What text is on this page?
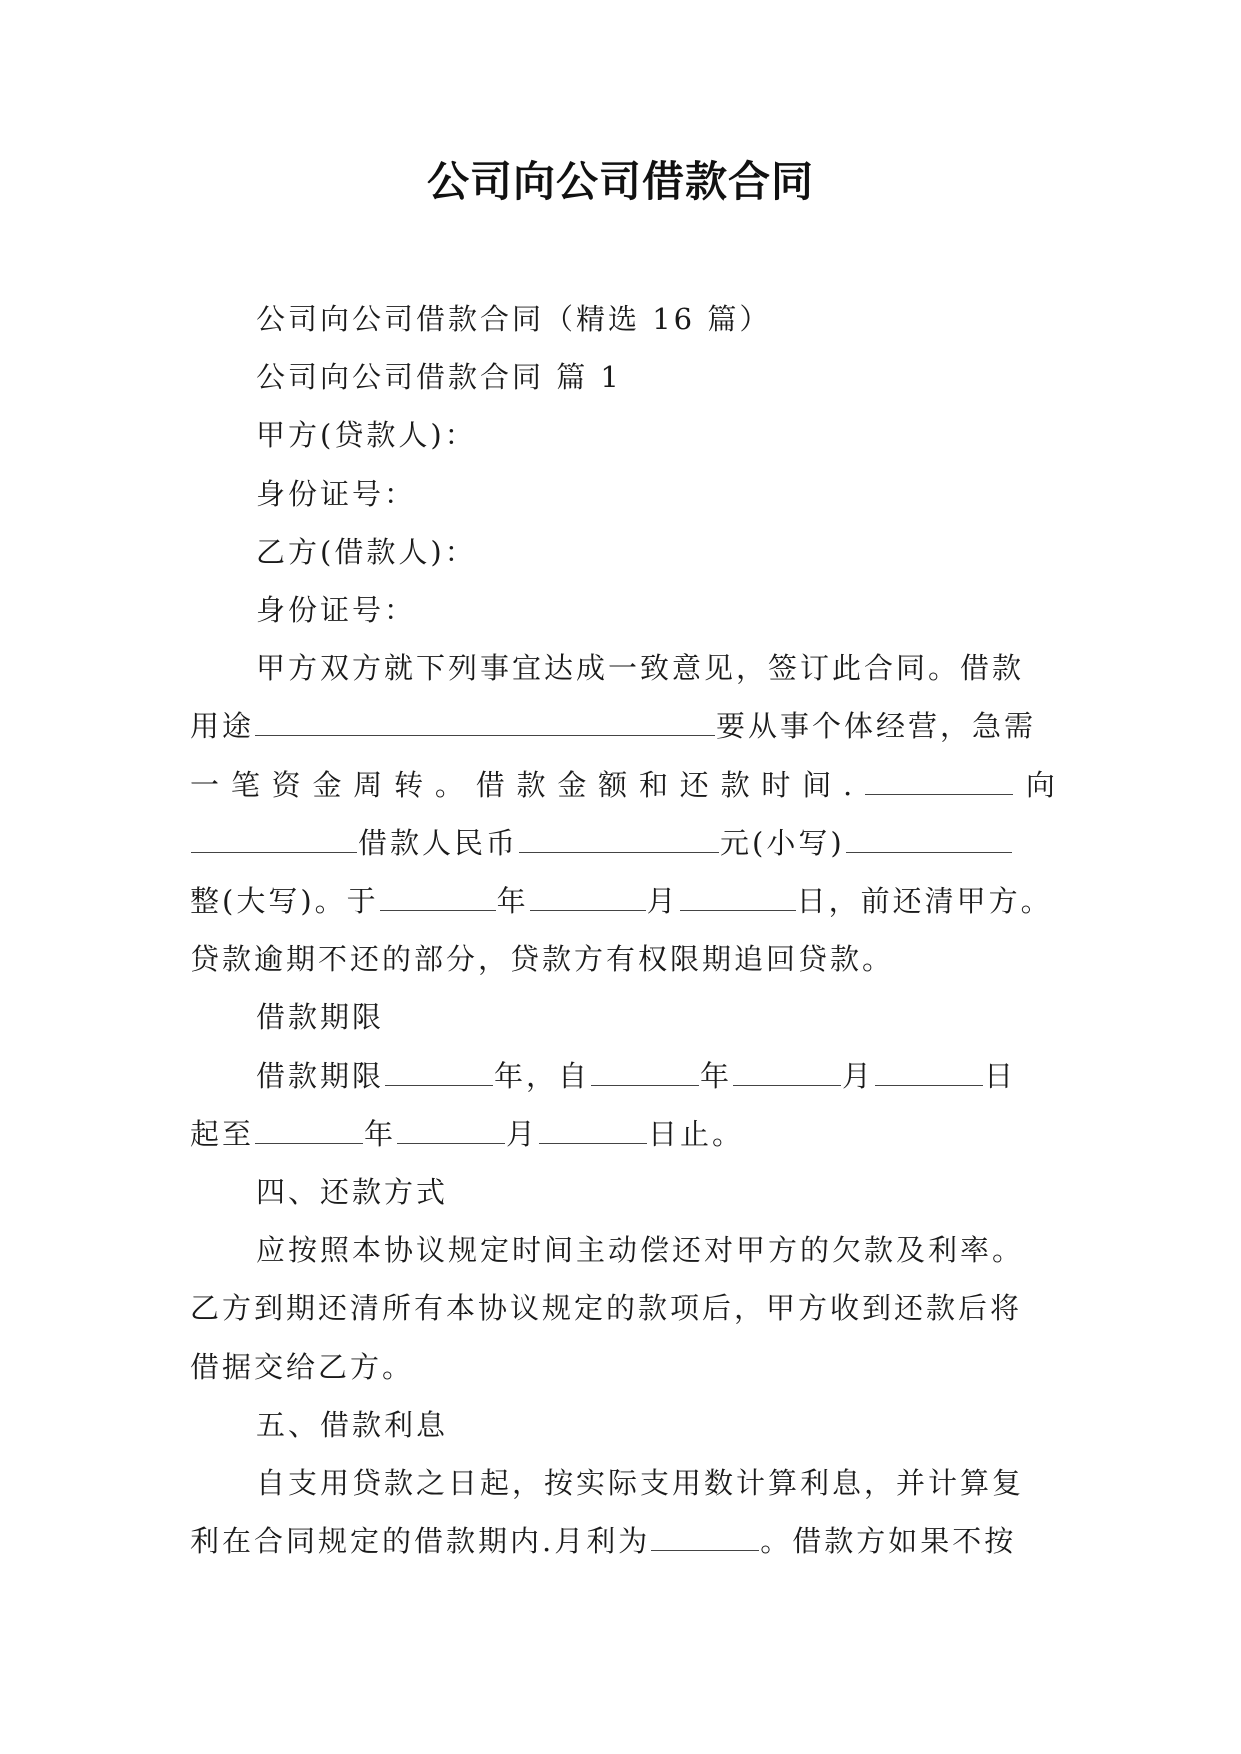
公司向公司借款合同

公司向公司借款合同（精选 16 篇）

公司向公司借款合同 篇 1

甲方(贷款人)：

身份证号：

乙方(借款人)：

身份证号：

甲方双方就下列事宜达成一致意见，签订此合同。借款

用途	要从事个体经营，急需

一 笔 资 金 周 转 。 借 款 金 额 和 还 款 时 间 .	向

借款人民币	元(小写)

整(大写)。于	年	月	日，前还清甲方。

贷款逾期不还的部分，贷款方有权限期追回贷款。

借款期限

借款期限	年，自	年	月	日

起至	年	月	日止。

四、还款方式

应按照本协议规定时间主动偿还对甲方的欠款及利率。

乙方到期还清所有本协议规定的款项后，甲方收到还款后将

借据交给乙方。

五、借款利息

自支用贷款之日起，按实际支用数计算利息，并计算复

利在合同规定的借款期内.月利为	。借款方如果不按
